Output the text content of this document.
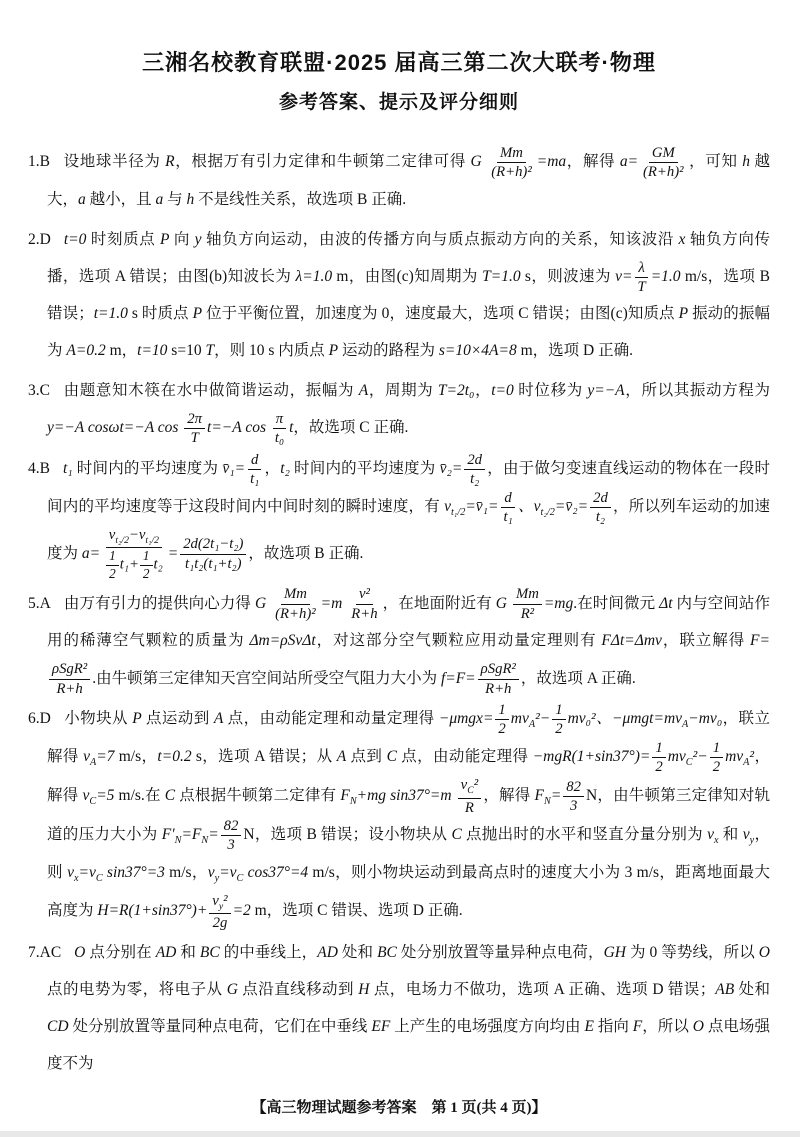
三湘名校教育联盟·2025 届高三第二次大联考·物理
参考答案、提示及评分细则
1.B 设地球半径为 R，根据万有引力定律和牛顿第二定律可得 G $\frac{Mm}{\text{(R+h)²}} =ma$，解得 $a= \frac{GM}{\text{(R+h)²}}$ ，可知 h 越大，a 越小，且 a 与 h 不是线性关系，故选项 B 正确.
2.D t=0 时刻质点 P 向 y 轴负方向运动，由波的传播方向与质点振动方向的关系，知该波沿 x 轴负方向传播，选项 A 错误；由图(b)知波长为 λ=1.0 m，由图(c)知周期为 T=1.0 s，则波速为 $v= \frac{\lambda}{T} =1.0$ m/s，选项 B 错误；t=1.0 s 时质点 P 位于平衡位置，加速度为 0，速度最大，选项 C 错误；由图(c)知质点 P 振动的振幅为 A=0.2 m，t=10 s=10 T，则 10 s 内质点 P 运动的路程为 s=10×4A=8 m，选项 D 正确.
3.C 由题意知木筷在水中做简谐运动，振幅为 A，周期为 T=2t₀，t=0 时位移为 y=−A，所以其振动方程为 y=−A cosωt=−A $\cos \frac{2\pi}{T} t=-A$ $\cos \frac{\pi}{\text{t₀}}$ t，故选项 C 正确.
4.B t₁ 时间内的平均速度为 v̄₁= $\frac{d}{\text{t₁}}$ ，t₂ 时间内的平均速度为 v̄₂= $\frac{2d}{\text{t₂}}$ ，由于做匀变速直线运动的物体在一段时间内的平均速度等于这段时间内中间时刻的瞬时速度，有 $v_{t_1/2}=v̄_1= \frac{d}{\text{t₁}}$ 、$v_{t_2/2}=v̄_2= \frac{2d}{\text{t₂}}$ ，所以列车运动的加速度为 $a= \frac{v_{t_2/2}-v_{t_1/2}}{\frac{1}{2} t_1+ \frac{1}{2} t_2} = \frac{\text{2d(2t₁−t₂)}}{\text{t₁t₂(t₁+t₂)}}$ ，故选项 B 正确.
5.A 由万有引力的提供向心力得 G $\frac{Mm}{\text{(R+h)²}} =m \frac{\text{v²}}{R+h}$ ，在地面附近有 G $\frac{Mm}{\text{R²}} =mg$.在时间微元 Δt 内与空间站作用的稀薄空气颗粒的质量为 Δm=ρSvΔt，对这部分空气颗粒应用动量定理则有 FΔt=Δmv，联立解得 F=
$\frac{\text{ρSgR²}}{R+h}$ .由牛顿第三定律知天宫空间站所受空气阻力大小为 $f=F= \frac{\text{ρSgR²}}{R+h}$ ，故选项 A 正确.
6.D 小物块从 P 点运动到 A 点，由动能定理和动量定理得 $-\mu mgx= \frac{1}{2} mv_A^2- \frac{1}{2} mv_0^2$、$-\mu mgt=mv_A-mv_0$，联立解得 $v_A=7$ m/s，t=0.2 s，选项 A 错误；从 A 点到 C 点，由动能定理得 $-mgR(1+\sin 37^\circ)= \frac{1}{2} mv_C^2- \frac{1}{2} mv_A^2$，解得 $v_C=5$ m/s.在 C 点根据牛顿第二定律有 $F_N+mg$ $\sin 37^\circ=m \frac{v_C^2}{R}$ ，解得 $F_N= \frac{82}{3}$ N，由牛顿第三定律知对轨道的压力大小为 $F'_N=F_N= \frac{82}{3}$ N，选项 B 错误；设小物块从 C 点抛出时的水平和竖直分量分别为 $v_x$ 和 $v_y$，则 $v_x=v_C$ sin37°=3 m/s，$v_y=v_C$ cos37°=4 m/s，则小物块运动到最高点时的速度大小为 3 m/s，距离地面最大高度为 $H=R(1+\sin 37^\circ)+ \frac{v_y^2}{2g} =2$ m，选项 C 错误、选项 D 正确.
7.AC O 点分别在 AD 和 BC 的中垂线上，AD 处和 BC 处分别放置等量异种点电荷，GH 为 0 等势线，所以 O 点的电势为零，将电子从 G 点沿直线移动到 H 点，电场力不做功，选项 A 正确、选项 D 错误；AB 处和 CD 处分别放置等量同种点电荷，它们在中垂线 EF 上产生的电场强度方向均由 E 指向 F，所以 O 点电场强度不为
【高三物理试题参考答案　第 1 页(共 4 页)】
